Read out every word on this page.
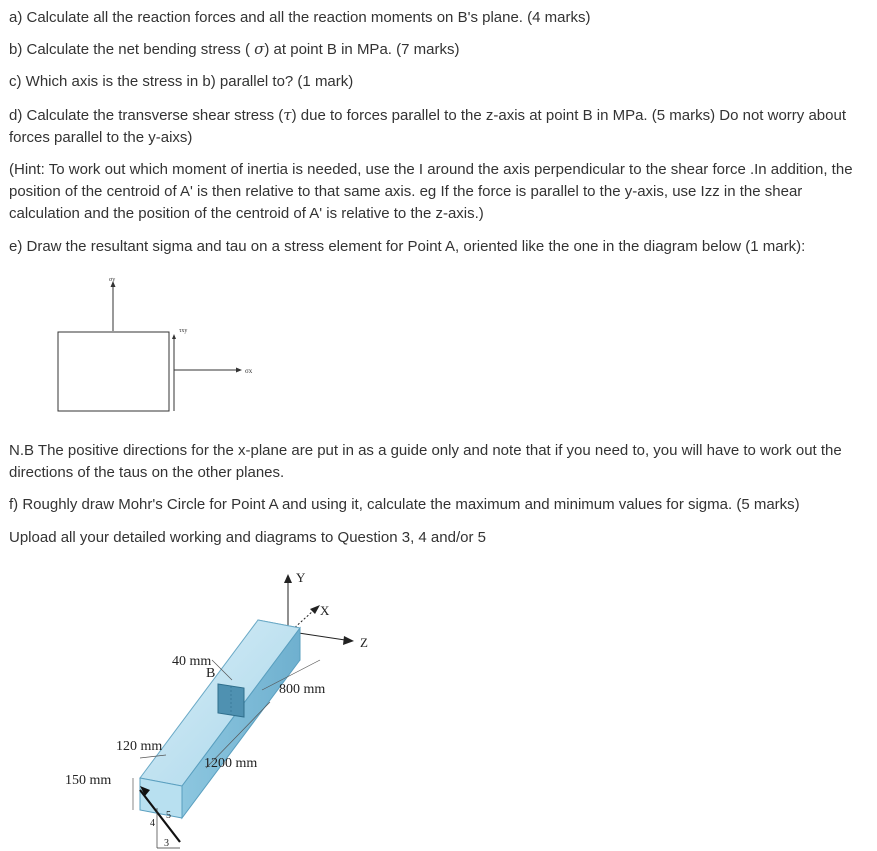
a) Calculate all the reaction forces and all the reaction moments on B's plane. (4 marks)

b) Calculate the net bending stress ( σ) at point B in MPa. (7 marks)

c) Which axis is the stress in b) parallel to? (1 mark)

d) Calculate the transverse shear stress (τ) due to forces parallel to the z-axis at point B in MPa. (5 marks) Do not worry about
forces parallel to the y-aixs)

(Hint: To work out which moment of inertia is needed, use the I around the axis perpendicular to the shear force .In addition, the
position of the centroid of A' is then relative to that same axis. eg If the force is parallel to the y-axis, use Izz in the shear
calculation and the position of the centroid of A' is relative to the z-axis.)

e) Draw the resultant sigma and tau on a stress element for Point A, oriented like the one in the diagram below (1 mark):

σy
τxy
σx

N.B The positive directions for the x-plane are put in as a guide only and note that if you need to, you will have to work out the
directions of the taus on the other planes.

f) Roughly draw Mohr's Circle for Point A and using it, calculate the maximum and minimum values for sigma. (5 marks)

Upload all your detailed working and diagrams to Question 3, 4 and/or 5

Y
X
Z
4
5
3
40 mm
B
800 mm
120 mm
1200 mm
150 mm
